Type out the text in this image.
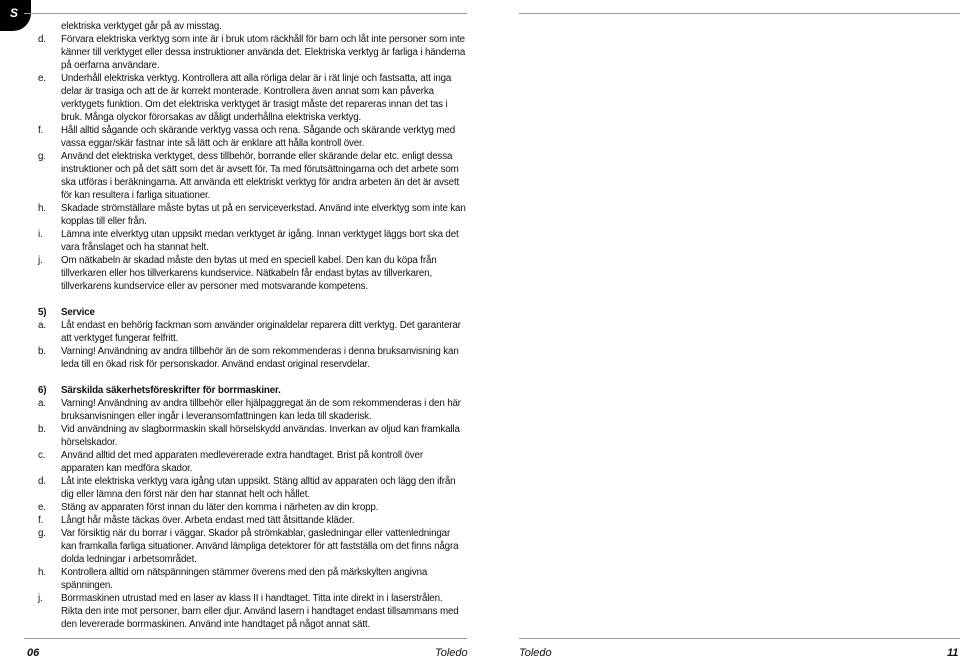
S
elektriska verktyget går på av misstag.
d. Förvara elektriska verktyg som inte är i bruk utom räckhåll för barn och låt inte personer som inte känner till verktyget eller dessa instruktioner använda det. Elektriska verktyg är farliga i händerna på oerfarna användare.
e. Underhåll elektriska verktyg. Kontrollera att alla rörliga delar är i rät linje och fastsatta, att inga delar är trasiga och att de är korrekt monterade. Kontrollera även annat som kan påverka verktygets funktion. Om det elektriska verktyget är trasigt måste det repareras innan det tas i bruk. Många olyckor förorsakas av dåligt underhållna elektriska verktyg.
f. Håll alltid sågande och skärande verktyg vassa och rena. Sågande och skärande verktyg med vassa eggar/skär fastnar inte så lätt och är enklare att hålla kontroll över.
g. Använd det elektriska verktyget, dess tillbehör, borrande eller skärande delar etc. enligt dessa instruktioner och på det sätt som det är avsett för. Ta med förutsättningarna och det arbete som ska utföras i beräkningarna. Att använda ett elektriskt verktyg för andra arbeten än det är avsett för kan resultera i farliga situationer.
h. Skadade strömställare måste bytas ut på en serviceverkstad. Använd inte elverktyg som inte kan kopplas till eller från.
i. Lämna inte elverktyg utan uppsikt medan verktyget är igång. Innan verktyget läggs bort ska det vara frånslaget och ha stannat helt.
j. Om nätkabeln är skadad måste den bytas ut med en speciell kabel. Den kan du köpa från tillverkaren eller hos tillverkarens kundservice. Nätkabeln får endast bytas av tillverkaren, tillverkarens kundservice eller av personer med motsvarande kompetens.
5) Service
a. Låt endast en behörig fackman som använder originaldelar reparera ditt verktyg. Det garanterar att verktyget fungerar felfritt.
b. Varning! Användning av andra tillbehör än de som rekommenderas i denna bruksanvisning kan leda till en ökad risk för personskador. Använd endast original reservdelar.
6) Särskilda säkerhetsföreskrifter för borrmaskiner.
a. Varning! Användning av andra tillbehör eller hjälpaggregat än de som rekommenderas i den här bruksanvisningen eller ingår i leveransomfattningen kan leda till skaderisk.
b. Vid användning av slagborrmaskin skall hörselskydd användas. Inverkan av oljud kan framkalla hörselskador.
c. Använd alltid det med apparaten medlevererade extra handtaget. Brist på kontroll över apparaten kan medföra skador.
d. Låt inte elektriska verktyg vara igång utan uppsikt. Stäng alltid av apparaten och lägg den ifrån dig eller lämna den först när den har stannat helt och hållet.
e. Stäng av apparaten först innan du läter den komma i närheten av din kropp.
f. Långt hår måste täckas över. Arbeta endast med tätt åtsittande kläder.
g. Var försiktig när du borrar i väggar. Skador på strömkablar, gasledningar eller vattenledningar kan framkalla farliga situationer. Använd lämpliga detektorer för att fastställa om det finns några dolda ledningar i arbetsområdet.
h. Kontrollera alltid om nätspänningen stämmer överens med den på märkskylten angivna spänningen.
j. Borrmaskinen utrustad med en laser av klass II i handtaget. Titta inte direkt in i laserstrålen. Rikta den inte mot personer, barn eller djur. Använd lasern i handtaget endast tillsammans med den levererade borrmaskinen. Använd inte handtaget på något annat sätt.
06	Toledo	Toledo	11
